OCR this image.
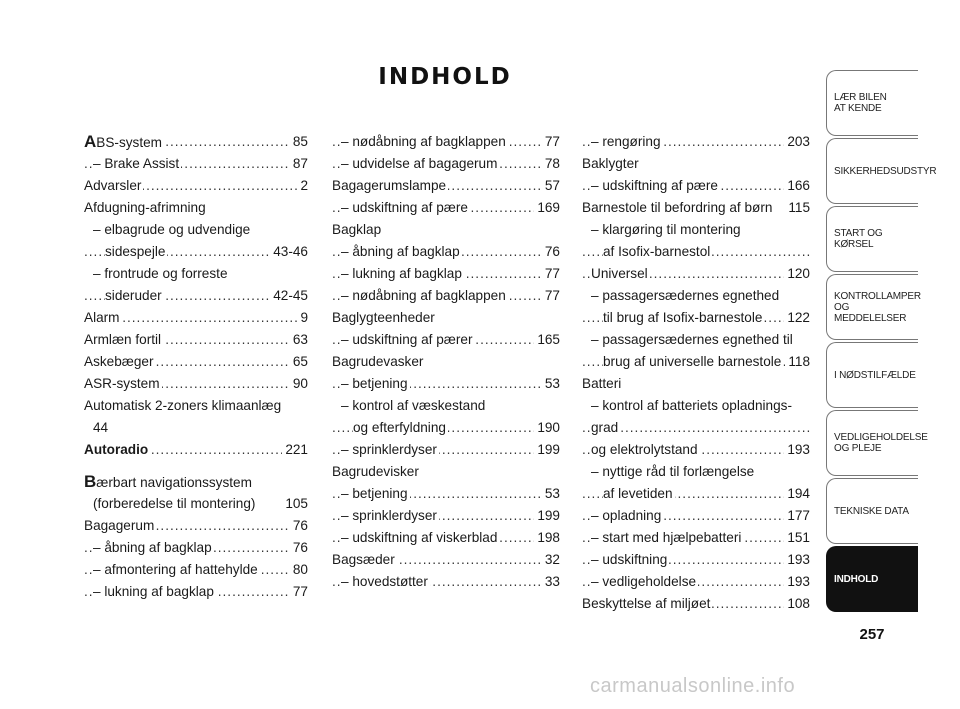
INDHOLD
ABS-system	85
.....
– Brake Assist	87
.....
Advarsler	2
.....
Afdugning-afrimning
– elbagrude og udvendige
sidespejle	43-46
.....
– frontrude og forreste
sideruder	42-45
.....
Alarm	9
.....
Armlæn fortil	63
.....
Askebæger	65
.....
ASR-system	90
.....
Automatisk 2-zoners klimaanlæg
44
Autoradio	221
.....
Bærbart navigationssystem
(forberedelse til montering) 105
Bagagerum	76
.....
– åbning af bagklap	76
.....
– afmontering af hattehylde	80
.....
– lukning af bagklap	77
.....
– nødåbning af bagklappen	77
.....
– udvidelse af bagagerum	78
.....
Bagagerumslampe	57
.....
– udskiftning af pære	169
.....
Bagklap
– åbning af bagklap	76
.....
– lukning af bagklap	77
.....
– nødåbning af bagklappen	77
.....
Baglygteenheder
– udskiftning af pærer	165
.....
Bagrudevasker
– betjening	53
.....
– kontrol af væskestand
og efterfyldning	190
.....
– sprinklerdyser	199
.....
Bagrudevisker
– betjening	53
.....
– sprinklerdyser	199
.....
– udskiftning af viskerblad	198
.....
Bagsæder	32
.....
– hovedstøtter	33
.....
– rengøring	203
.....
Baklygter
– udskiftning af pære	166
.....
Barnestole til befordring af børn 115
– klargøring til montering
af Isofix-barnestol .....
Universel	120
.....
– passagersædernes egnethed
til brug af Isofix-barnestole 122
.....
– passagersædernes egnethed til
brug af universelle barnestole 118
.....
Batteri
– kontrol af batteriets opladnings-
grad .....
og elektrolytstand	193
.....
– nyttige råd til forlængelse
af levetiden	194
.....
– opladning	177
.....
– start med hjælpebatteri	151
.....
– udskiftning	193
.....
– vedligeholdelse	193
.....
Beskyttelse af miljøet	108
.....
LÆR BILEN
AT KENDE
SIKKERHEDSUDSTYR
START OG KØRSEL
KONTROLLAMPER
OG MEDDELELSER
I NØDSTILFÆLDE
VEDLIGEHOLDELSE
OG PLEJE
TEKNISKE DATA
INDHOLD
257
carmanualsonline.info
